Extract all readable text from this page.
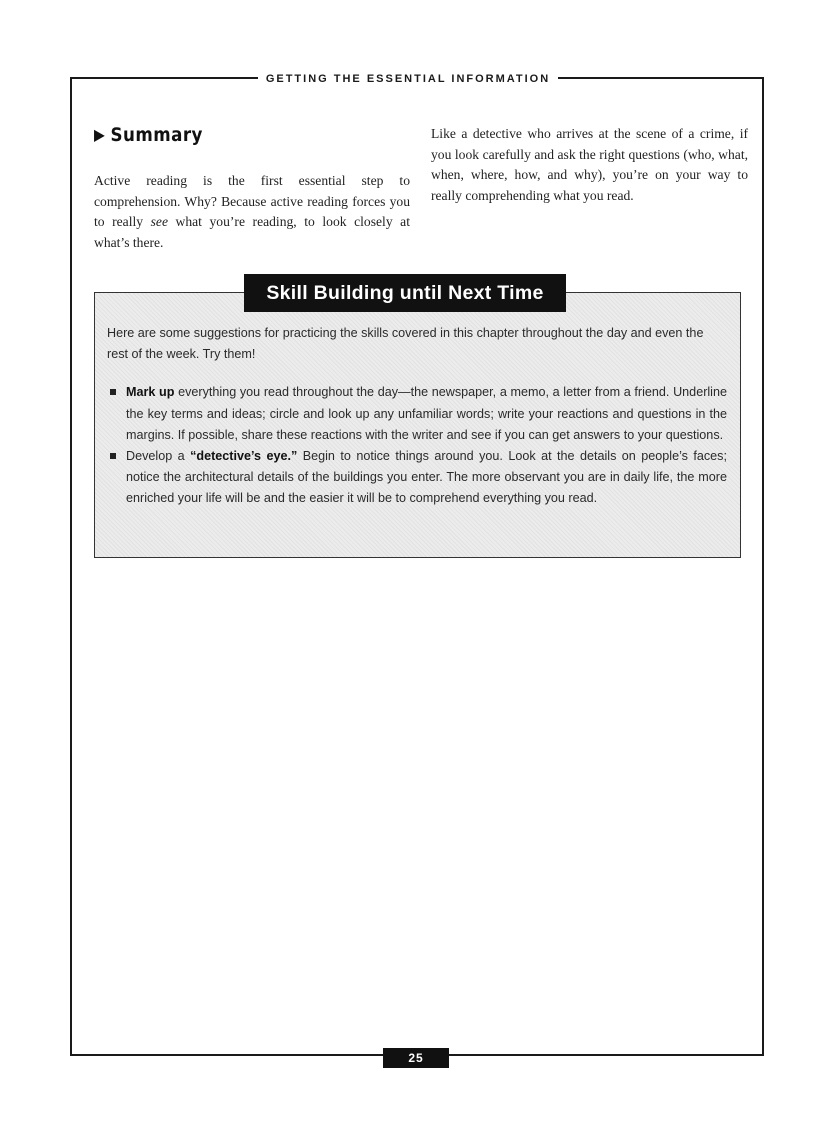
GETTING THE ESSENTIAL INFORMATION
▶ Summary

Active reading is the first essential step to comprehension. Why? Because active reading forces you to really see what you’re reading, to look closely at what’s there.

Like a detective who arrives at the scene of a crime, if you look carefully and ask the right questions (who, what, when, where, how, and why), you’re on your way to really comprehending what you read.

Skill Building until Next Time

Here are some suggestions for practicing the skills covered in this chapter throughout the day and even the rest of the week. Try them!

Mark up everything you read throughout the day—the newspaper, a memo, a letter from a friend. Underline the key terms and ideas; circle and look up any unfamiliar words; write your reactions and questions in the margins. If possible, share these reactions with the writer and see if you can get answers to your questions.
Develop a “detective’s eye.” Begin to notice things around you. Look at the details on people’s faces; notice the architectural details of the buildings you enter. The more observant you are in daily life, the more enriched your life will be and the easier it will be to comprehend everything you read.
25
